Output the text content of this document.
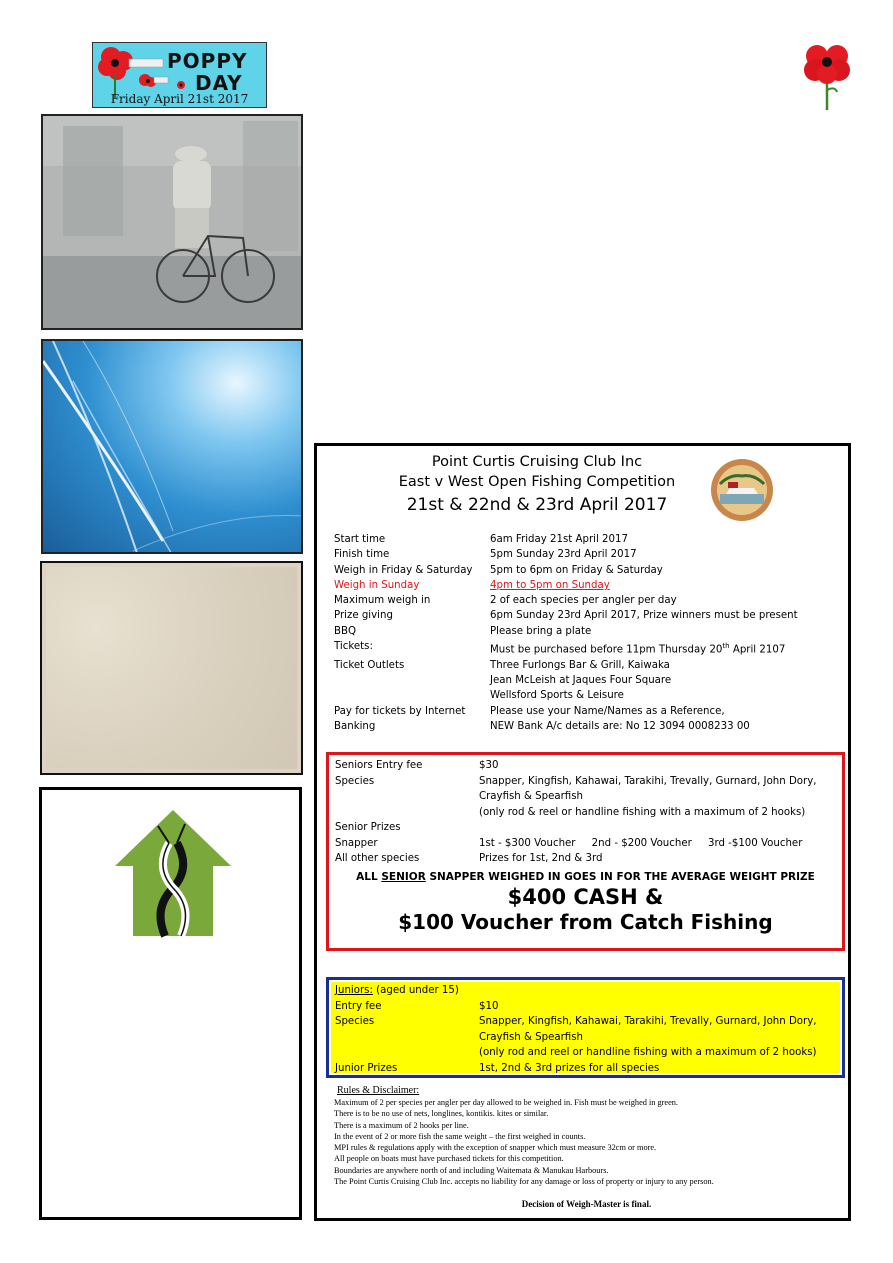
POPPY
DAY
Friday April 21st 2017
Point Curtis Cruising Club Inc
East v West Open Fishing Competition
21st & 22nd & 23rd April 2017
Start time	6am Friday 21st April 2017
Finish time	5pm Sunday 23rd April 2017
Weigh in Friday & Saturday	5pm to 6pm on Friday & Saturday
Weigh in Sunday	4pm to 5pm on Sunday
Maximum weigh in	2 of each species per angler per day
Prize giving	6pm Sunday 23rd April 2017, Prize winners must be present
BBQ	Please bring a plate
Tickets:	Must be purchased before 11pm Thursday 20th April 2107
Ticket Outlets	Three Furlongs Bar & Grill, Kaiwaka
Jean McLeish at Jaques Four Square
Wellsford Sports & Leisure
Pay for tickets by Internet	Please use your Name/Names as a Reference,
Banking	NEW Bank A/c details are: No 12 3094 0008233 00
Seniors Entry fee	$30
Species	Snapper, Kingfish, Kahawai, Tarakihi, Trevally, Gurnard, John Dory,
Crayfish & Spearfish
(only rod & reel or handline fishing with a maximum of 2 hooks)
Senior Prizes
Snapper	1st - $300 Voucher     2nd - $200 Voucher     3rd -$100 Voucher
All other species	Prizes for 1st, 2nd & 3rd
ALL SENIOR SNAPPER WEIGHED IN GOES IN FOR THE AVERAGE WEIGHT PRIZE
$400 CASH &
$100 Voucher from Catch Fishing
Juniors: (aged under 15)
Entry fee	$10
Species	Snapper, Kingfish, Kahawai, Tarakihi, Trevally, Gurnard, John Dory,
Crayfish & Spearfish
(only rod and reel or handline fishing with a maximum of 2 hooks)
Junior Prizes	1st, 2nd & 3rd prizes for all species
Rules & Disclaimer:
Maximum of 2 per species per angler per day allowed to be weighed in. Fish must be weighed in green.
There is to be no use of nets, longlines, kontikis. kites or similar.
There is a maximum of 2 hooks per line.
In the event of 2 or more fish the same weight – the first weighed in counts.
MPI rules & regulations apply with the exception of snapper which must measure 32cm or more.
All people on boats must have purchased tickets for this competition.
Boundaries are anywhere north of and including Waitemata & Manukau Harbours.
The Point Curtis Cruising Club Inc. accepts no liability for any damage or loss of property or injury to any person.
Decision of Weigh-Master is final.
